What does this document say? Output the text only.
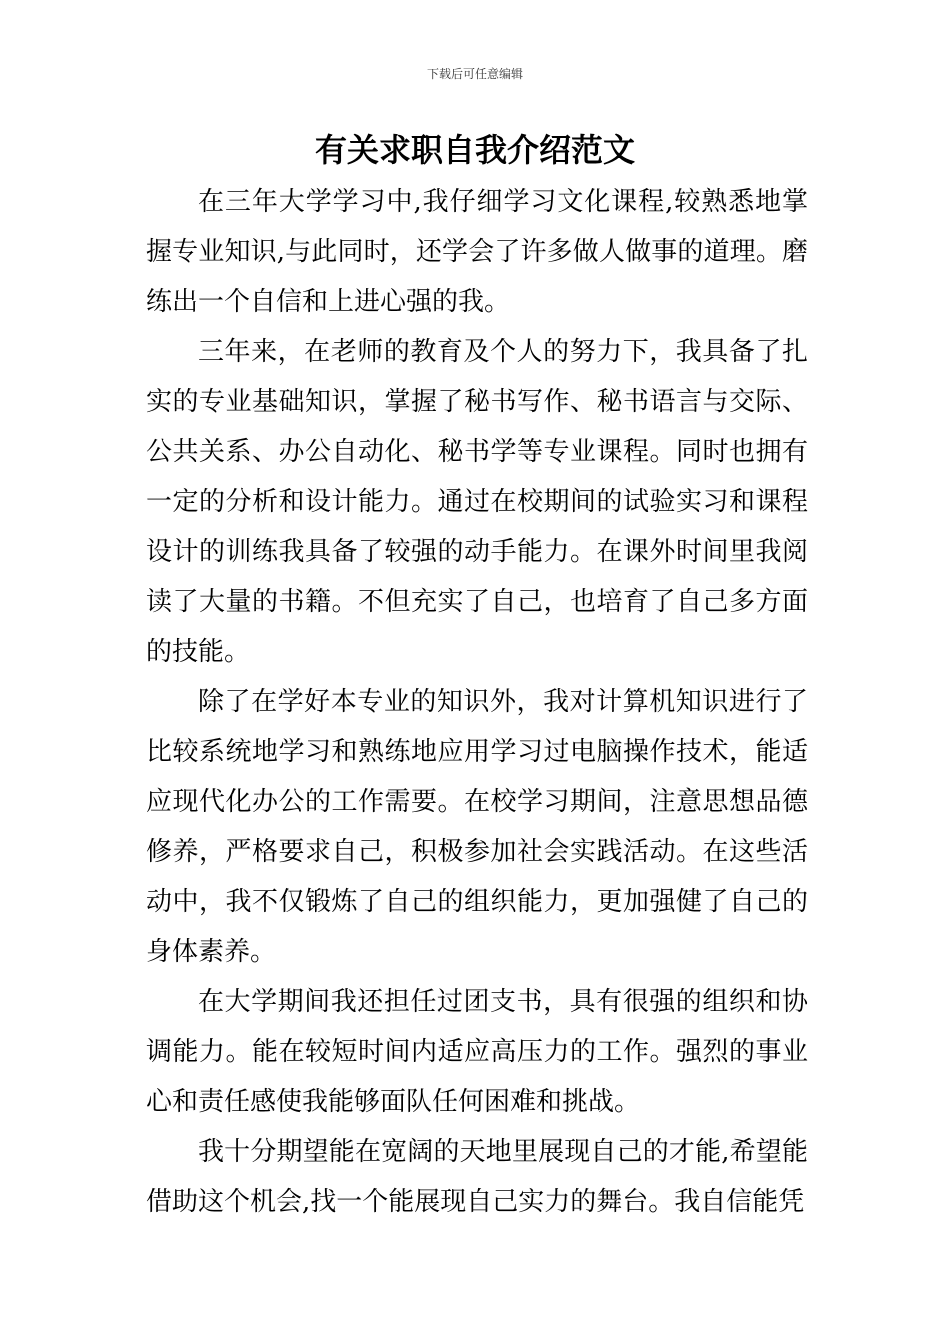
下载后可任意编辑
有关求职自我介绍范文

在三年大学学习中,我仔细学习文化课程,较熟悉地掌握专业知识,与此同时，还学会了许多做人做事的道理。磨练出一个自信和上进心强的我。

三年来，在老师的教育及个人的努力下，我具备了扎实的专业基础知识，掌握了秘书写作、秘书语言与交际、公共关系、办公自动化、秘书学等专业课程。同时也拥有一定的分析和设计能力。通过在校期间的试验实习和课程设计的训练我具备了较强的动手能力。在课外时间里我阅读了大量的书籍。不但充实了自己，也培育了自己多方面的技能。

除了在学好本专业的知识外，我对计算机知识进行了比较系统地学习和熟练地应用学习过电脑操作技术，能适应现代化办公的工作需要。在校学习期间，注意思想品德修养，严格要求自己，积极参加社会实践活动。在这些活动中，我不仅锻炼了自己的组织能力，更加强健了自己的身体素养。

在大学期间我还担任过团支书，具有很强的组织和协调能力。能在较短时间内适应高压力的工作。强烈的事业心和责任感使我能够面队任何困难和挑战。

我十分期望能在宽阔的天地里展现自己的才能,希望能借助这个机会,找一个能展现自己实力的舞台。我自信能凭
